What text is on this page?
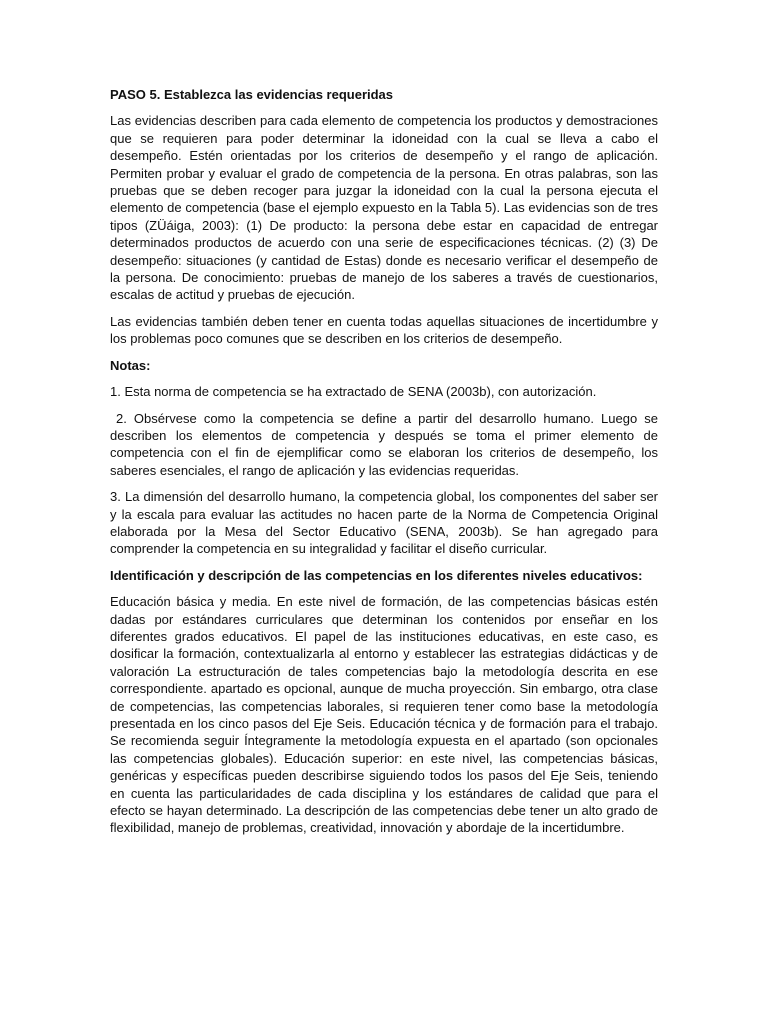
PASO 5. Establezca las evidencias requeridas

Las evidencias describen para cada elemento de competencia los productos y demostraciones que se requieren para poder determinar la idoneidad con la cual se lleva a cabo el desempeño. Estén orientadas por los criterios de desempeño y el rango de aplicación. Permiten probar y evaluar el grado de competencia de la persona. En otras palabras, son las pruebas que se deben recoger para juzgar la idoneidad con la cual la persona ejecuta el elemento de competencia (base el ejemplo expuesto en la Tabla 5). Las evidencias son de tres tipos (ZÜáiga, 2003): (1) De producto: la persona debe estar en capacidad de entregar determinados productos de acuerdo con una serie de especificaciones técnicas. (2) (3) De desempeño: situaciones (y cantidad de Estas) donde es necesario verificar el desempeño de la persona. De conocimiento: pruebas de manejo de los saberes a través de cuestionarios, escalas de actitud y pruebas de ejecución.

Las evidencias también deben tener en cuenta todas aquellas situaciones de incertidumbre y los problemas poco comunes que se describen en los criterios de desempeño.

Notas:

1. Esta norma de competencia se ha extractado de SENA (2003b), con autorización.

2. Obsérvese como la competencia se define a partir del desarrollo humano. Luego se describen los elementos de competencia y después se toma el primer elemento de competencia con el fin de ejemplificar como se elaboran los criterios de desempeño, los saberes esenciales, el rango de aplicación y las evidencias requeridas.

3. La dimensión del desarrollo humano, la competencia global, los componentes del saber ser y la escala para evaluar las actitudes no hacen parte de la Norma de Competencia Original elaborada por la Mesa del Sector Educativo (SENA, 2003b). Se han agregado para comprender la competencia en su integralidad y facilitar el diseño curricular.

Identificación y descripción de las competencias en los diferentes niveles educativos:

Educación básica y media. En este nivel de formación, de las competencias básicas estén dadas por estándares curriculares que determinan los contenidos por enseñar en los diferentes grados educativos. El papel de las instituciones educativas, en este caso, es dosificar la formación, contextualizarla al entorno y establecer las estrategias didácticas y de valoración La estructuración de tales competencias bajo la metodología descrita en ese correspondiente. apartado es opcional, aunque de mucha proyección. Sin embargo, otra clase de competencias, las competencias laborales, si requieren tener como base la metodología presentada en los cinco pasos del Eje Seis. Educación técnica y de formación para el trabajo. Se recomienda seguir Íntegramente la metodología expuesta en el apartado (son opcionales las competencias globales). Educación superior: en este nivel, las competencias básicas, genéricas y específicas pueden describirse siguiendo todos los pasos del Eje Seis, teniendo en cuenta las particularidades de cada disciplina y los estándares de calidad que para el efecto se hayan determinado. La descripción de las competencias debe tener un alto grado de flexibilidad, manejo de problemas, creatividad, innovación y abordaje de la incertidumbre.
